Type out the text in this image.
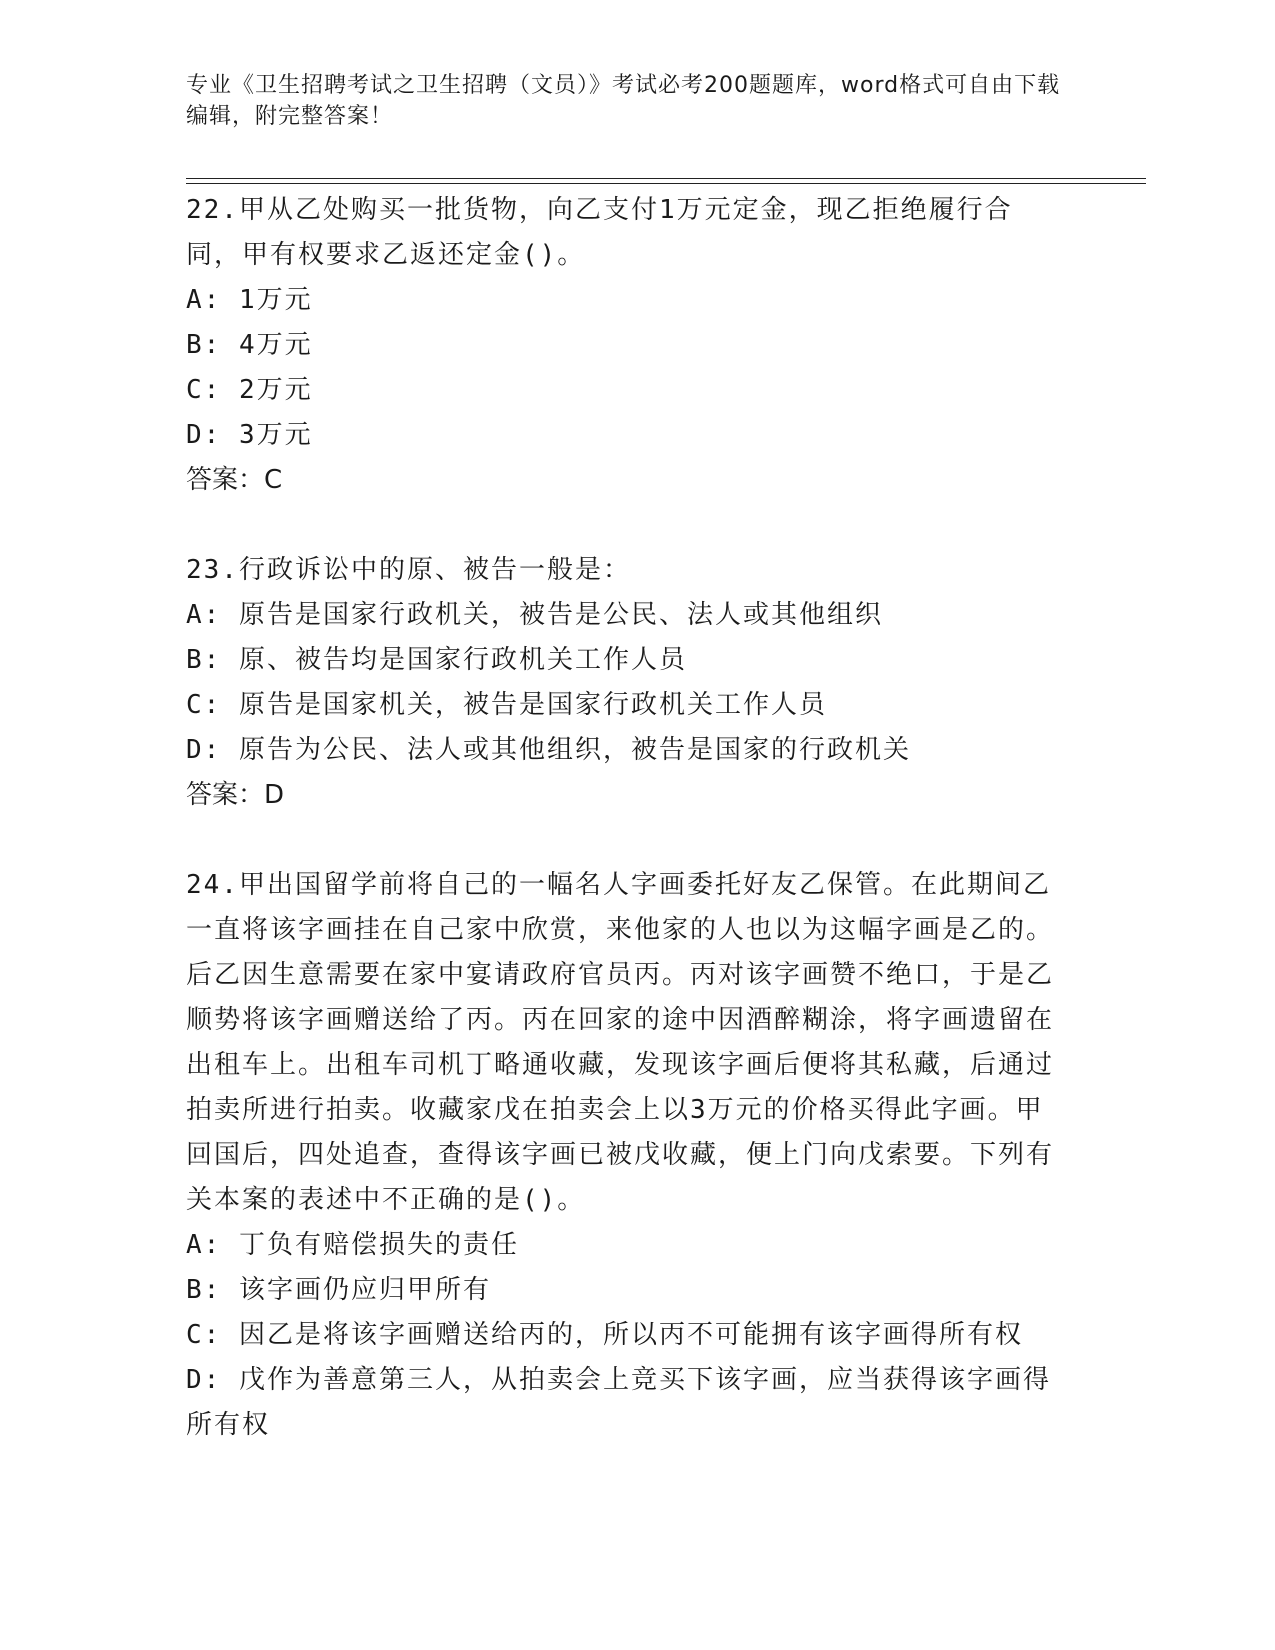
专业《卫生招聘考试之卫生招聘（文员）》考试必考200题题库，word格式可自由下载编辑，附完整答案！

22.甲从乙处购买一批货物，向乙支付1万元定金，现乙拒绝履行合同，甲有权要求乙返还定金()。

A: 1万元

B: 4万元

C: 2万元

D: 3万元

答案：C

23.行政诉讼中的原、被告一般是：

A: 原告是国家行政机关，被告是公民、法人或其他组织

B: 原、被告均是国家行政机关工作人员

C: 原告是国家机关，被告是国家行政机关工作人员

D: 原告为公民、法人或其他组织，被告是国家的行政机关

答案：D

24.甲出国留学前将自己的一幅名人字画委托好友乙保管。在此期间乙一直将该字画挂在自己家中欣赏，来他家的人也以为这幅字画是乙的。后乙因生意需要在家中宴请政府官员丙。丙对该字画赞不绝口，于是乙顺势将该字画赠送给了丙。丙在回家的途中因酒醉糊涂，将字画遗留在出租车上。出租车司机丁略通收藏，发现该字画后便将其私藏，后通过拍卖所进行拍卖。收藏家戊在拍卖会上以3万元的价格买得此字画。甲回国后，四处追查，查得该字画已被戊收藏，便上门向戊索要。下列有关本案的表述中不正确的是()。

A: 丁负有赔偿损失的责任

B: 该字画仍应归甲所有

C: 因乙是将该字画赠送给丙的，所以丙不可能拥有该字画得所有权

D: 戊作为善意第三人，从拍卖会上竞买下该字画，应当获得该字画得所有权
